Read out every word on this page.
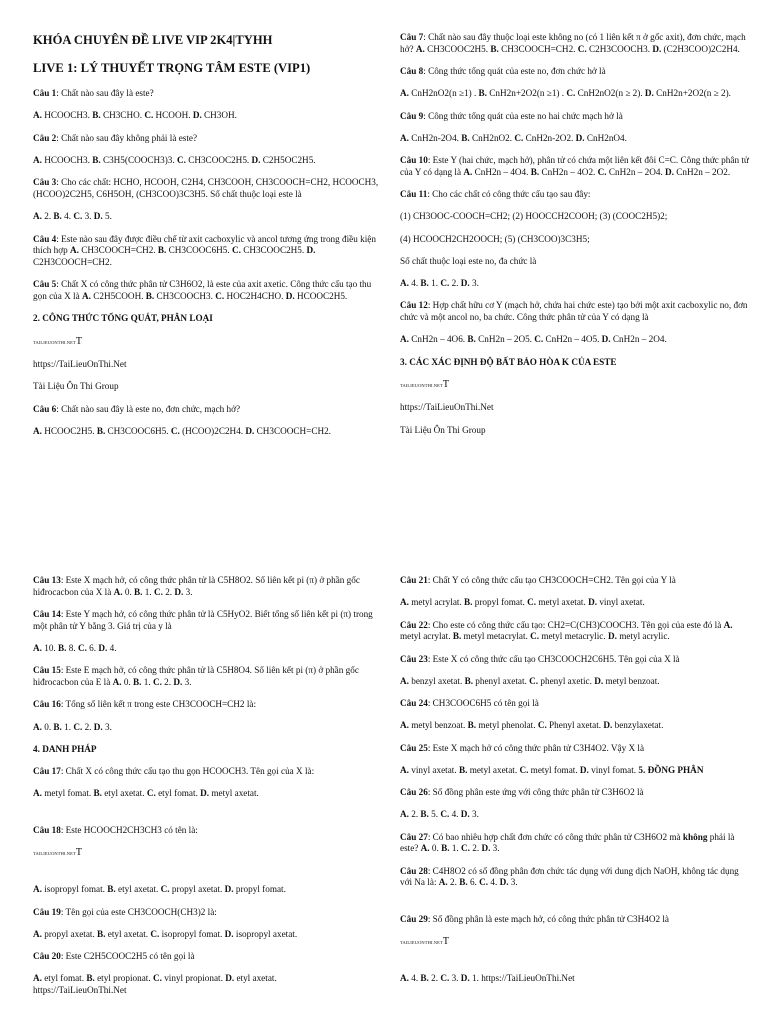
KHÓA CHUYÊN ĐỀ LIVE VIP 2K4|TYHH

LIVE 1: LÝ THUYẾT TRỌNG TÂM ESTE (VIP1)

Câu 1: Chất nào sau đây là este?

A. HCOOCH3. B. CH3CHO. C. HCOOH. D. CH3OH.

Câu 2: Chất nào sau đây không phải là este?

A. HCOOCH3. B. C3H5(COOCH3)3. C. CH3COOC2H5. D. C2H5OC2H5.

Câu 3: Cho các chất: HCHO, HCOOH, C2H4, CH3COOH, CH3COOCH=CH2, HCOOCH3, (HCOO)2C2H5, C6H5OH, (CH3COO)3C3H5. Số chất thuộc loại este là

A. 2. B. 4. C. 3. D. 5.

Câu 4: Este nào sau đây được điều chế từ axit cacboxylic và ancol tương ứng trong điều kiện thích hợp A. CH3COOCH=CH2. B. CH3COOC6H5. C. CH3COOC2H5. D. C2H3COOCH=CH2.

Câu 5: Chất X có công thức phân tử C3H6O2, là este của axit axetic. Công thức cấu tạo thu gọn của X là A. C2H5COOH. B. CH3COOCH3. C. HOC2H4CHO. D. HCOOC2H5.

2. CÔNG THỨC TỔNG QUÁT, PHÂN LOẠI

TAILIEUONTHI.NETT

https://TaiLieuOnThi.Net

Tài Liệu Ôn Thi Group

Câu 6: Chất nào sau đây là este no, đơn chức, mạch hở?

A. HCOOC2H5. B. CH3COOC6H5. C. (HCOO)2C2H4. D. CH3COOCH=CH2.

Câu 7: Chất nào sau đây thuộc loại este không no (có 1 liên kết π ở gốc axit), đơn chức, mạch hở? A. CH3COOC2H5. B. CH3COOCH=CH2. C. C2H3COOCH3. D. (C2H3COO)2C2H4.

Câu 8: Công thức tổng quát của este no, đơn chức hở là

A. CnH2nO2(n ≥1) . B. CnH2n+2O2(n ≥1) . C. CnH2nO2(n ≥ 2). D. CnH2n+2O2(n ≥ 2).

Câu 9: Công thức tổng quát của este no hai chức mạch hở là

A. CnH2n-2O4. B. CnH2nO2. C. CnH2n-2O2. D. CnH2nO4.

Câu 10: Este Y (hai chức, mạch hở), phân tử có chứa một liên kết đôi C=C. Công thức phân tử của Y có dạng là A. CnH2n – 4O4. B. CnH2n – 4O2. C. CnH2n – 2O4. D. CnH2n – 2O2.

Câu 11: Cho các chất có công thức cấu tạo sau đây:

(1) CH3OOC-COOCH=CH2; (2) HOOCCH2COOH; (3) (COOC2H5)2;

(4) HCOOCH2CH2OOCH; (5) (CH3COO)3C3H5;

Số chất thuộc loại este no, đa chức là

A. 4. B. 1. C. 2. D. 3.

Câu 12: Hợp chất hữu cơ Y (mạch hở, chứa hai chức este) tạo bởi một axit cacboxylic no, đơn chức và một ancol no, ba chức. Công thức phân tử của Y có dạng là

A. CnH2n – 4O6. B. CnH2n – 2O5. C. CnH2n – 4O5. D. CnH2n – 2O4.

3. CÁC XÁC ĐỊNH ĐỘ BẤT BẢO HÒA K CỦA ESTE

TAILIEUONTHI.NETT

https://TaiLieuOnThi.Net

Tài Liệu Ôn Thi Group

Câu 13: Este X mạch hở, có công thức phân tử là C5H8O2. Số liên kết pi (π) ở phần gốc hiđrocacbon của X là A. 0. B. 1. C. 2. D. 3.

Câu 14: Este Y mạch hở, có công thức phân tử là C5HyO2. Biết tổng số liên kết pi (π) trong một phân tử Y bằng 3. Giá trị của y là

A. 10. B. 8. C. 6. D. 4.

Câu 15: Este E mạch hở, có công thức phân tử là C5H8O4. Số liên kết pi (π) ở phần gốc hiđrocacbon của E là A. 0. B. 1. C. 2. D. 3.

Câu 16: Tổng số liên kết π trong este CH3COOCH=CH2 là:

A. 0. B. 1. C. 2. D. 3.

4. DANH PHÁP

Câu 17: Chất X có công thức cấu tạo thu gọn HCOOCH3. Tên gọi của X là:

A. metyl fomat. B. etyl axetat. C. etyl fomat. D. metyl axetat.

Câu 18: Este HCOOCH2CH3CH3 có tên là:

TAILIEUONTHI.NETT

A. isopropyl fomat. B. etyl axetat. C. propyl axetat. D. propyl fomat.

Câu 19: Tên gọi của este CH3COOCH(CH3)2 là:

A. propyl axetat. B. etyl axetat. C. isopropyl fomat. D. isopropyl axetat.

Câu 20: Este C2H5COOC2H5 có tên gọi là

A. etyl fomat. B. etyl propionat. C. vinyl propionat. D. etyl axetat.
https://TaiLieuOnThi.Net

Câu 21: Chất Y có công thức cấu tạo CH3COOCH=CH2. Tên gọi của Y là

A. metyl acrylat. B. propyl fomat. C. metyl axetat. D. vinyl axetat.

Câu 22: Cho este có công thức cấu tạo: CH2=C(CH3)COOCH3. Tên gọi của este đó là A. metyl acrylat. B. metyl metacrylat. C. metyl metacrylic. D. metyl acrylic.

Câu 23: Este X có công thức cấu tạo CH3COOCH2C6H5. Tên gọi của X là

A. benzyl axetat. B. phenyl axetat. C. phenyl axetic. D. metyl benzoat.

Câu 24: CH3COOC6H5 có tên gọi là

A. metyl benzoat. B. metyl phenolat. C. Phenyl axetat. D. benzylaxetat.

Câu 25: Este X mạch hở có công thức phân tử C3H4O2. Vậy X là

A. vinyl axetat. B. metyl axetat. C. metyl fomat. D. vinyl fomat. 5. ĐỒNG PHÂN

Câu 26: Số đồng phân este ứng với công thức phân tử C3H6O2 là

A. 2. B. 5. C. 4. D. 3.

Câu 27: Có bao nhiêu hợp chất đơn chức có công thức phân tử C3H6O2 mà không phải là este? A. 0. B. 1. C. 2. D. 3.

Câu 28: C4H8O2 có số đồng phân đơn chức tác dụng với dung dịch NaOH, không tác dụng với Na là: A. 2. B. 6. C. 4. D. 3.

Câu 29: Số đồng phân là este mạch hở, có công thức phân tử C3H4O2 là

TAILIEUONTHI.NETT

A. 4. B. 2. C. 3. D. 1. https://TaiLieuOnThi.Net
